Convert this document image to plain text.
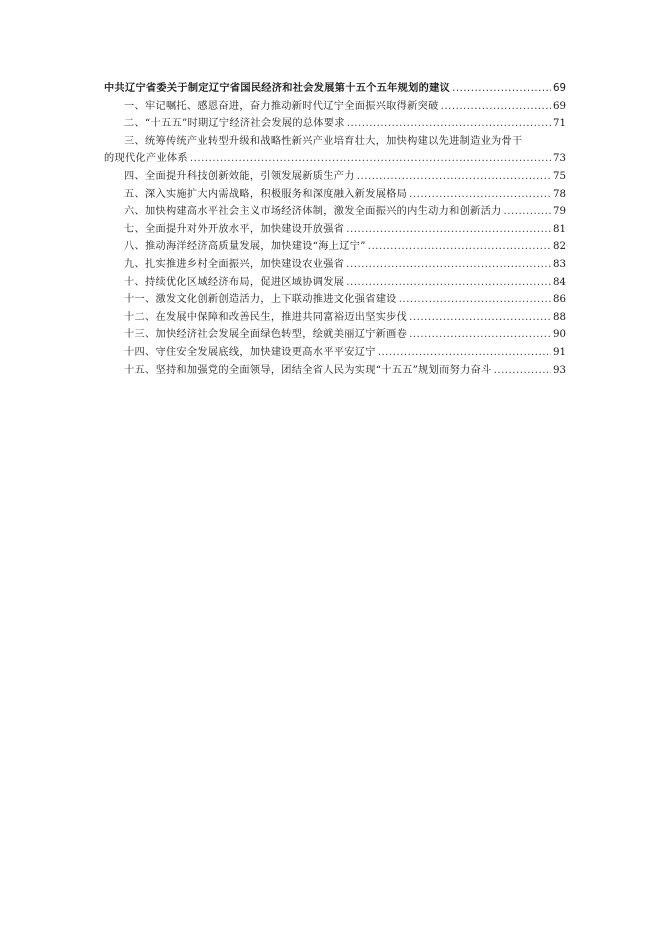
中共辽宁省委关于制定辽宁省国民经济和社会发展第十五个五年规划的建议 .....	69
一、牢记嘱托、感恩奋进，奋力推动新时代辽宁全面振兴取得新突破 .....	69
二、“十五五”时期辽宁经济社会发展的总体要求 .....	71
三、统筹传统产业转型升级和战略性新兴产业培育壮大，加快构建以先进制造业为骨干
的现代化产业体系 .....	73
四、全面提升科技创新效能，引领发展新质生产力 .....	75
五、深入实施扩大内需战略，积极服务和深度融入新发展格局 .....	78
六、加快构建高水平社会主义市场经济体制，激发全面振兴的内生动力和创新活力 .....	79
七、全面提升对外开放水平，加快建设开放强省 .....	81
八、推动海洋经济高质量发展，加快建设“海上辽宁” .....	82
九、扎实推进乡村全面振兴，加快建设农业强省 .....	83
十、持续优化区域经济布局，促进区域协调发展 .....	84
十一、激发文化创新创造活力，上下联动推进文化强省建设 .....	86
十二、在发展中保障和改善民生，推进共同富裕迈出坚实步伐 .....	88
十三、加快经济社会发展全面绿色转型，绘就美丽辽宁新画卷 .....	90
十四、守住安全发展底线，加快建设更高水平平安辽宁 .....	91
十五、坚持和加强党的全面领导，团结全省人民为实现“十五五”规划而努力奋斗 .....	93
